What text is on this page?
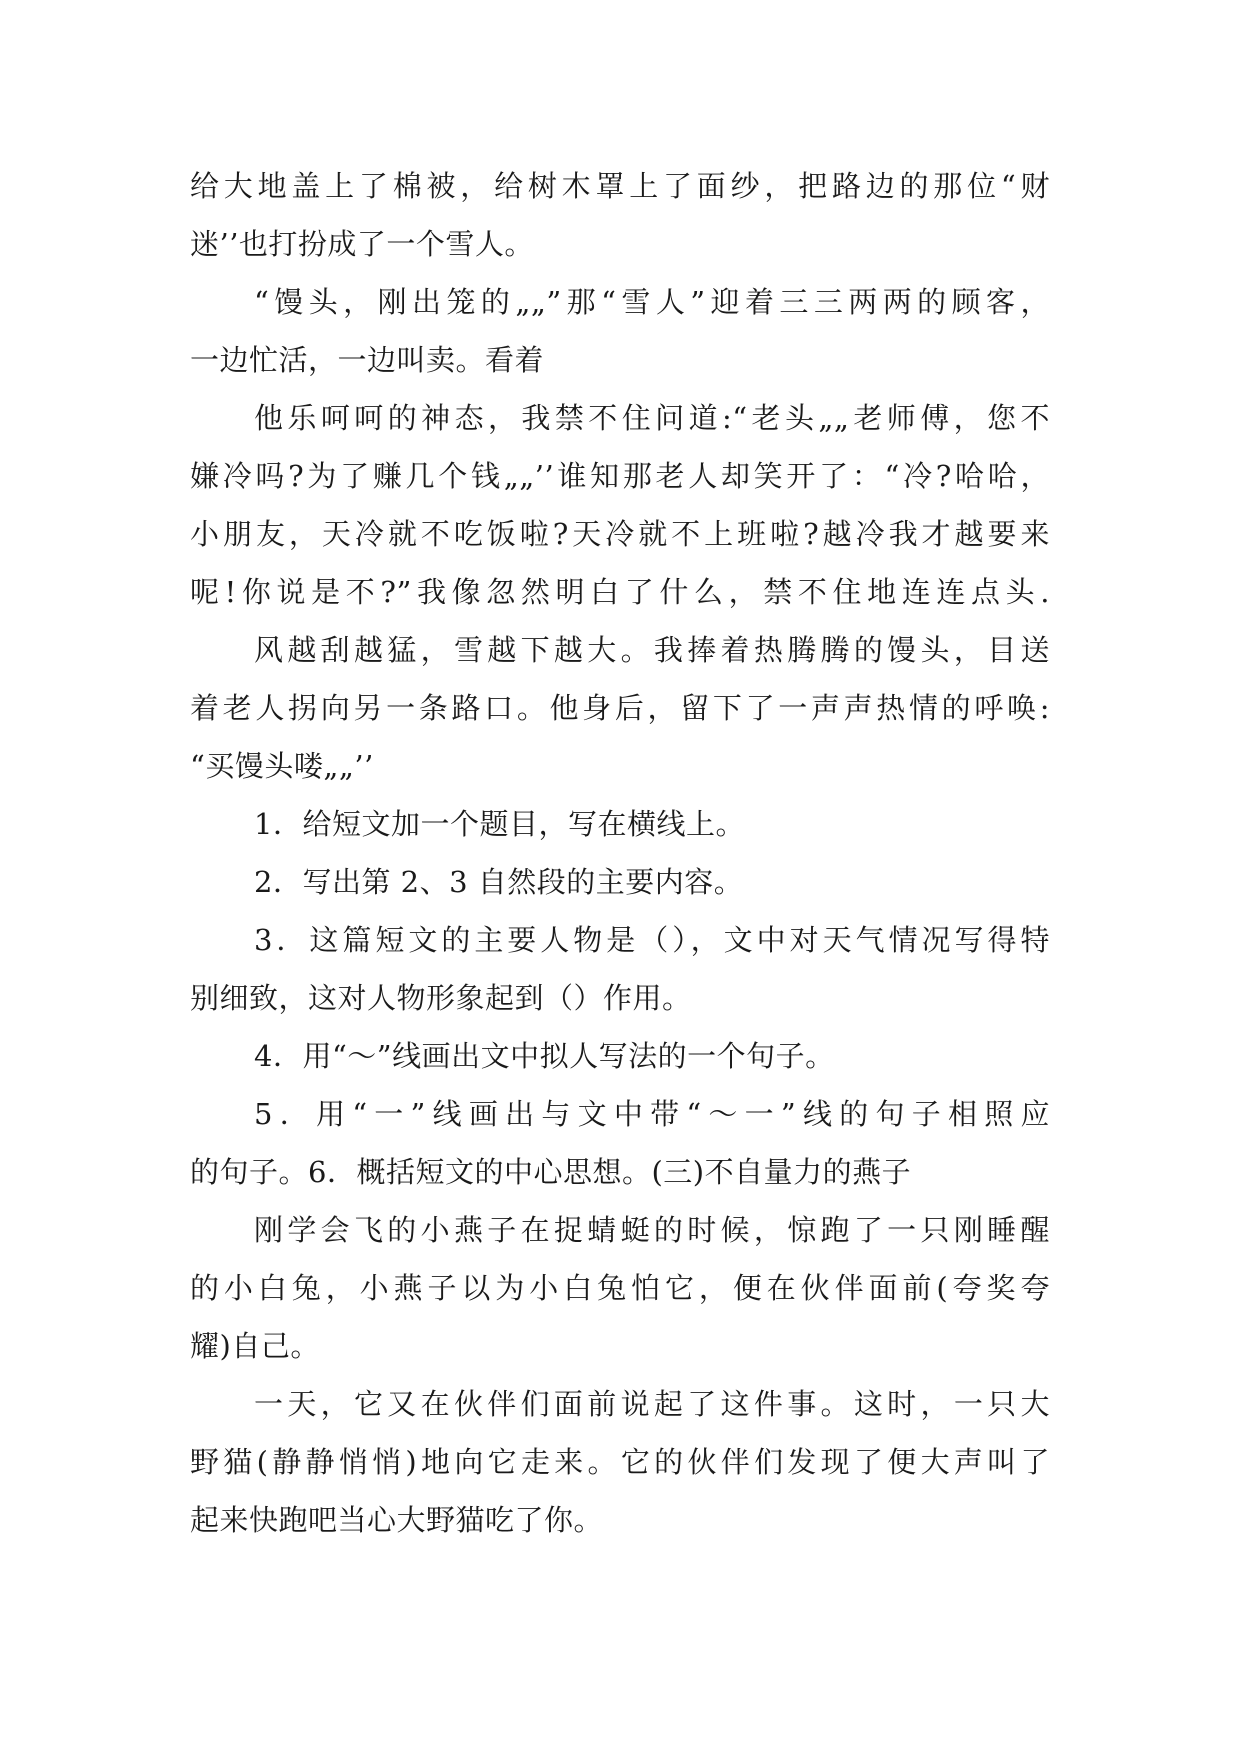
给大地盖上了棉被，给树木罩上了面纱，把路边的那位“财

迷’’也打扮成了一个雪人。

“馒头，刚出笼的„„”那“雪人”迎着三三两两的顾客，

一边忙活，一边叫卖。看着

他乐呵呵的神态，我禁不住问道:“老头„„老师傅，您不

嫌冷吗?为了赚几个钱„„’’谁知那老人却笑开了：“冷?哈哈，

小朋友，天冷就不吃饭啦?天冷就不上班啦?越冷我才越要来

呢!你说是不?”我像忽然明白了什么，禁不住地连连点头.

风越刮越猛，雪越下越大。我捧着热腾腾的馒头，目送

着老人拐向另一条路口。他身后，留下了一声声热情的呼唤:

“买馒头喽„„’’

1．给短文加一个题目，写在横线上。

2．写出第 2、3 自然段的主要内容。

3．这篇短文的主要人物是（），文中对天气情况写得特

别细致，这对人物形象起到（）作用。

4．用“～”线画出文中拟人写法的一个句子。

5．用“一”线画出与文中带“～一”线的句子相照应

的句子。6．概括短文的中心思想。(三)不自量力的燕子

刚学会飞的小燕子在捉蜻蜓的时候，惊跑了一只刚睡醒

的小白兔，小燕子以为小白兔怕它，便在伙伴面前(夸奖夸

耀)自己。

一天，它又在伙伴们面前说起了这件事。这时，一只大

野猫(静静悄悄)地向它走来。它的伙伴们发现了便大声叫了

起来快跑吧当心大野猫吃了你。
